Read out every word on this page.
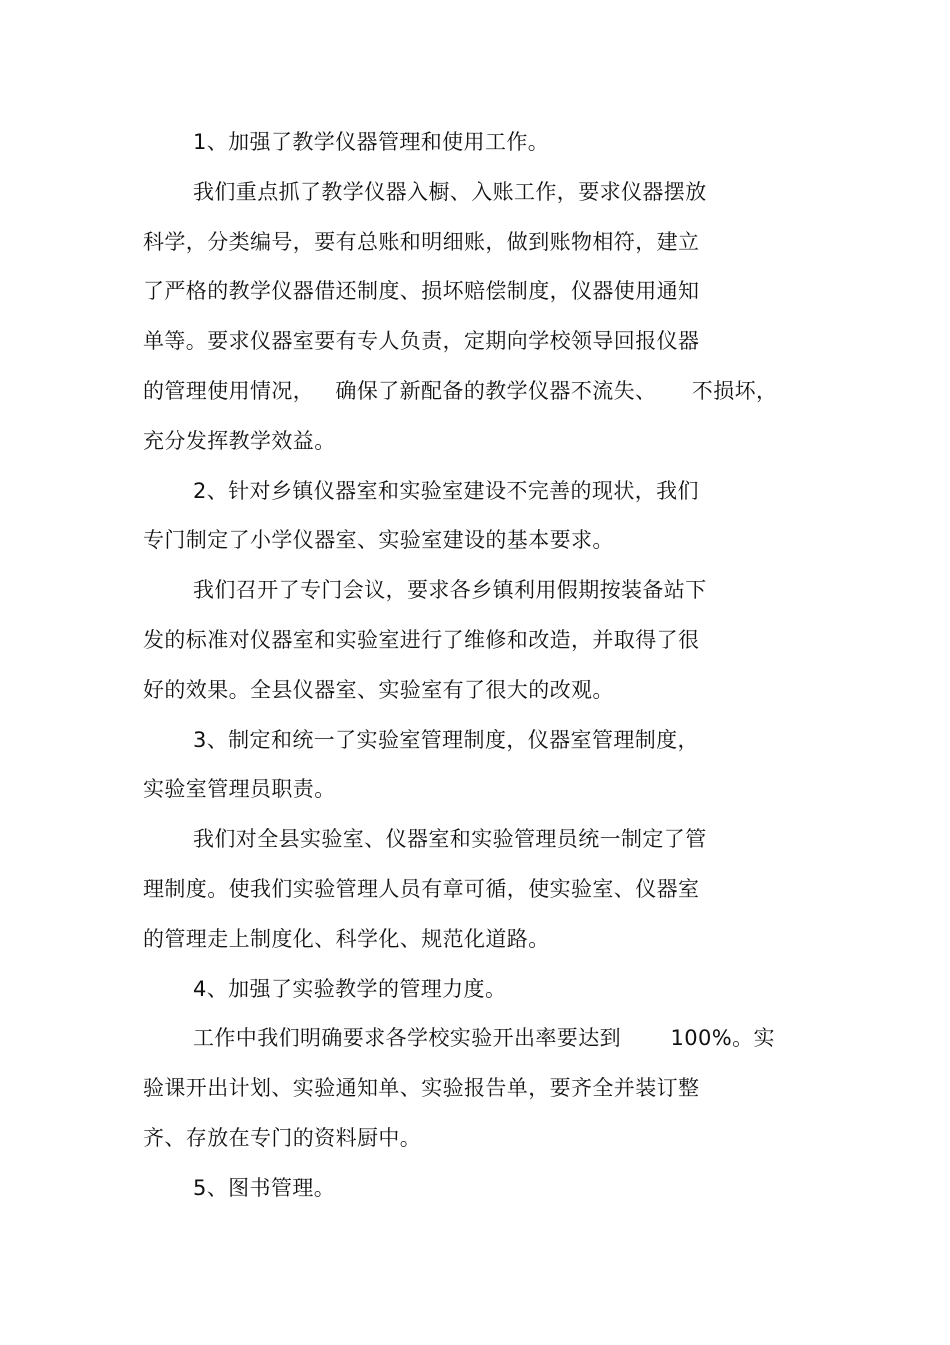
1、加强了教学仪器管理和使用工作。
我们重点抓了教学仪器入橱、入账工作，要求仪器摆放
科学，分类编号，要有总账和明细账，做到账物相符，建立
了严格的教学仪器借还制度、损坏赔偿制度，仪器使用通知
单等。要求仪器室要有专人负责，定期向学校领导回报仪器
的管理使用情况，   确保了新配备的教学仪器不流失、     不损坏，
充分发挥教学效益。
2、针对乡镇仪器室和实验室建设不完善的现状，我们
专门制定了小学仪器室、实验室建设的基本要求。
我们召开了专门会议，要求各乡镇利用假期按装备站下
发的标准对仪器室和实验室进行了维修和改造，并取得了很
好的效果。全县仪器室、实验室有了很大的改观。
3、制定和统一了实验室管理制度，仪器室管理制度，
实验室管理员职责。
我们对全县实验室、仪器室和实验管理员统一制定了管
理制度。使我们实验管理人员有章可循，使实验室、仪器室
的管理走上制度化、科学化、规范化道路。
4、加强了实验教学的管理力度。
工作中我们明确要求各学校实验开出率要达到       100%。实
验课开出计划、实验通知单、实验报告单，要齐全并装订整
齐、存放在专门的资料厨中。
5、图书管理。
